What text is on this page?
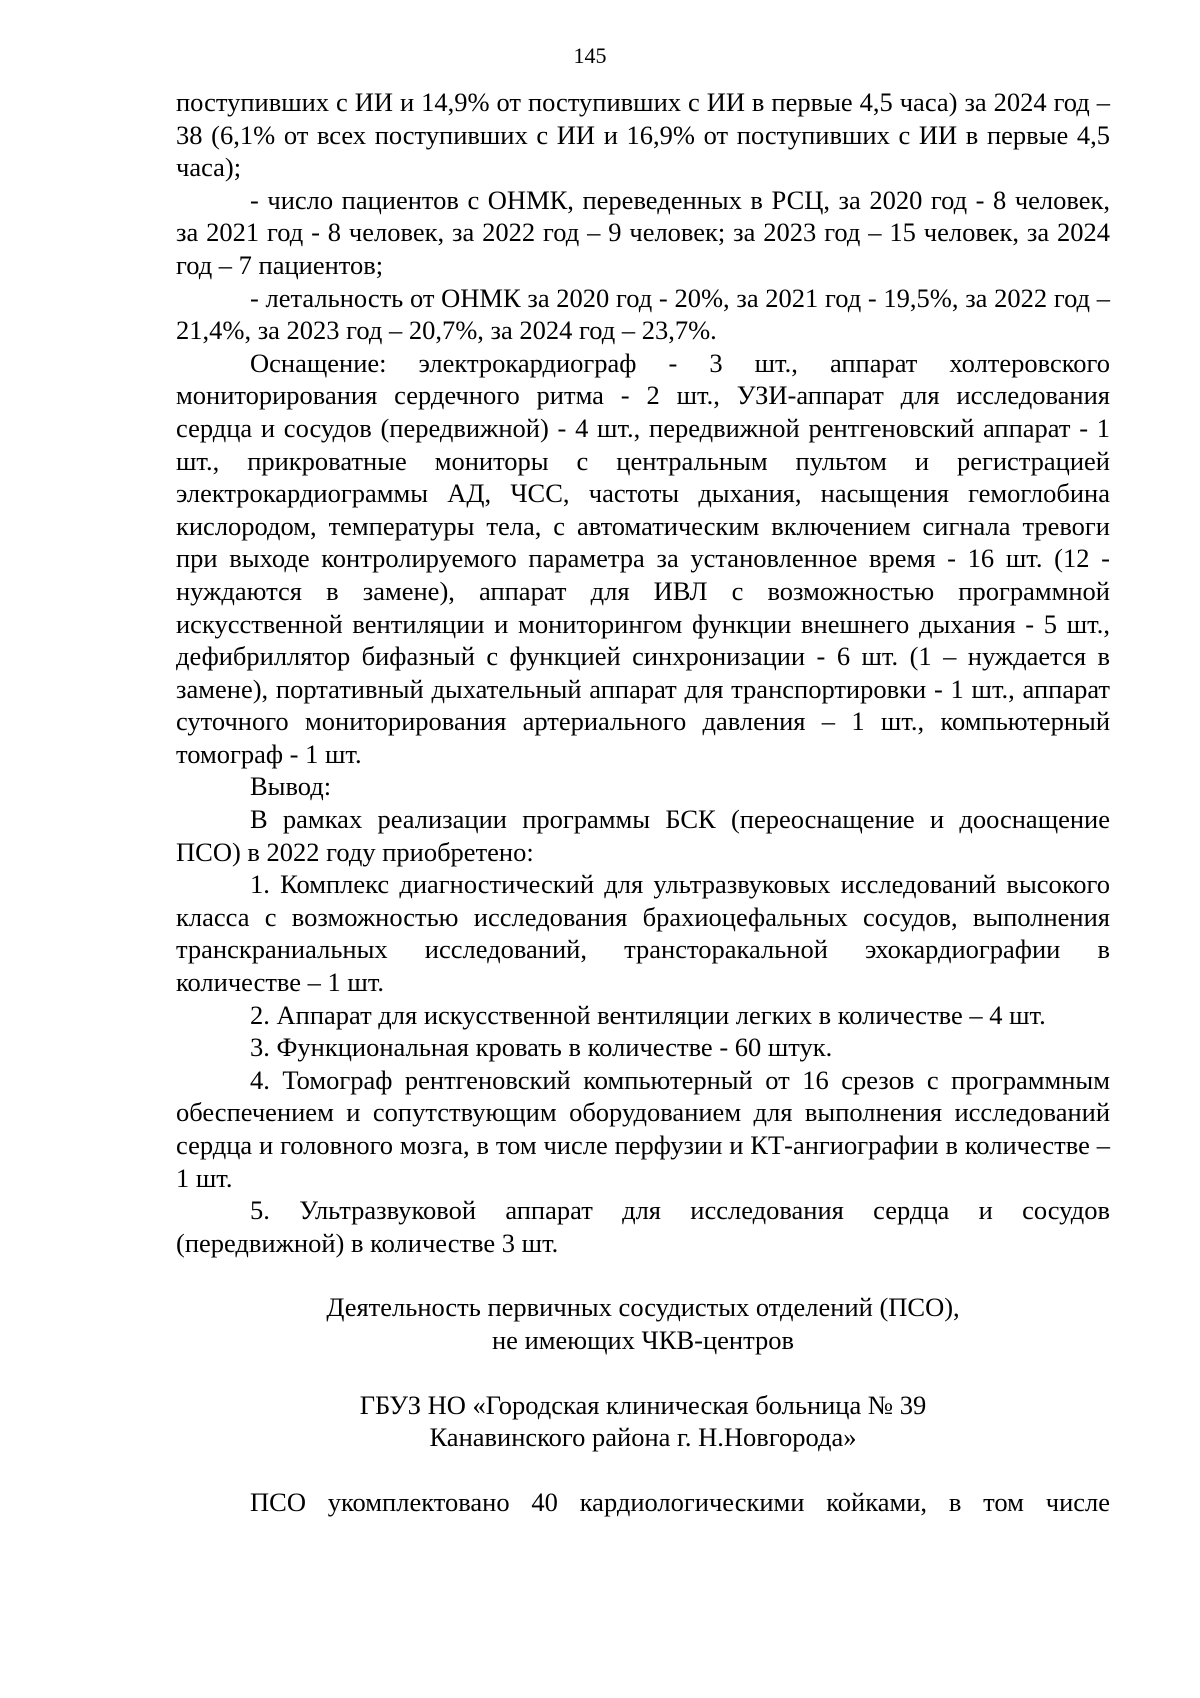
145

поступивших с ИИ и 14,9% от поступивших с ИИ в первые 4,5 часа) за 2024 год – 38 (6,1% от всех поступивших с ИИ и 16,9% от поступивших с ИИ в первые 4,5 часа);

- число пациентов с ОНМК, переведенных в РСЦ, за 2020 год - 8 человек, за 2021 год - 8 человек, за 2022 год – 9 человек; за 2023 год – 15 человек, за 2024 год – 7 пациентов;

- летальность от ОНМК за 2020 год - 20%, за 2021 год - 19,5%, за 2022 год – 21,4%, за 2023 год – 20,7%, за 2024 год – 23,7%.

Оснащение: электрокардиограф - 3 шт., аппарат холтеровского мониторирования сердечного ритма - 2 шт., УЗИ-аппарат для исследования сердца и сосудов (передвижной) - 4 шт., передвижной рентгеновский аппарат - 1 шт., прикроватные мониторы с центральным пультом и регистрацией электрокардиограммы АД, ЧСС, частоты дыхания, насыщения гемоглобина кислородом, температуры тела, с автоматическим включением сигнала тревоги при выходе контролируемого параметра за установленное время - 16 шт. (12 - нуждаются в замене), аппарат для ИВЛ с возможностью программной искусственной вентиляции и мониторингом функции внешнего дыхания - 5 шт., дефибриллятор бифазный с функцией синхронизации - 6 шт. (1 – нуждается в замене), портативный дыхательный аппарат для транспортировки - 1 шт., аппарат суточного мониторирования артериального давления – 1 шт., компьютерный томограф - 1 шт.

Вывод:

В рамках реализации программы БСК (переоснащение и дооснащение ПСО) в 2022 году приобретено:

1. Комплекс диагностический для ультразвуковых исследований высокого класса с возможностью исследования брахиоцефальных сосудов, выполнения транскраниальных исследований, трансторакальной эхокардиографии в количестве – 1 шт.

2. Аппарат для искусственной вентиляции легких в количестве – 4 шт.

3. Функциональная кровать в количестве - 60 штук.

4. Томограф рентгеновский компьютерный от 16 срезов с программным обеспечением и сопутствующим оборудованием для выполнения исследований сердца и головного мозга, в том числе перфузии и КТ-ангиографии в количестве – 1 шт.

5. Ультразвуковой аппарат для исследования сердца и сосудов (передвижной) в количестве 3 шт.

Деятельность первичных сосудистых отделений (ПСО),

не имеющих ЧКВ-центров

ГБУЗ НО «Городская клиническая больница № 39

Канавинского района г. Н.Новгорода»

ПСО укомплектовано 40 кардиологическими койками, в том числе
